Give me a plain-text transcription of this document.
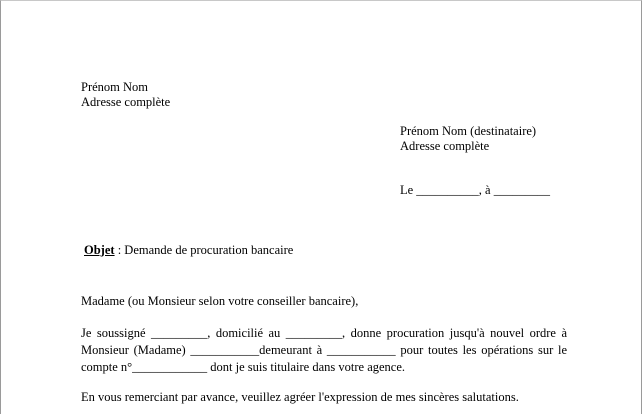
Prénom Nom
Adresse complète
Prénom Nom (destinataire)
Adresse complète
Le __________, à _________
Objet : Demande de procuration bancaire
Madame (ou Monsieur selon votre conseiller bancaire),
Je soussigné _________, domicilié au _________, donne procuration jusqu'à nouvel ordre à
Monsieur (Madame) ___________demeurant à ___________ pour toutes les opérations sur le
compte n°____________ dont je suis titulaire dans votre agence.
En vous remerciant par avance, veuillez agréer l'expression de mes sincères salutations.
